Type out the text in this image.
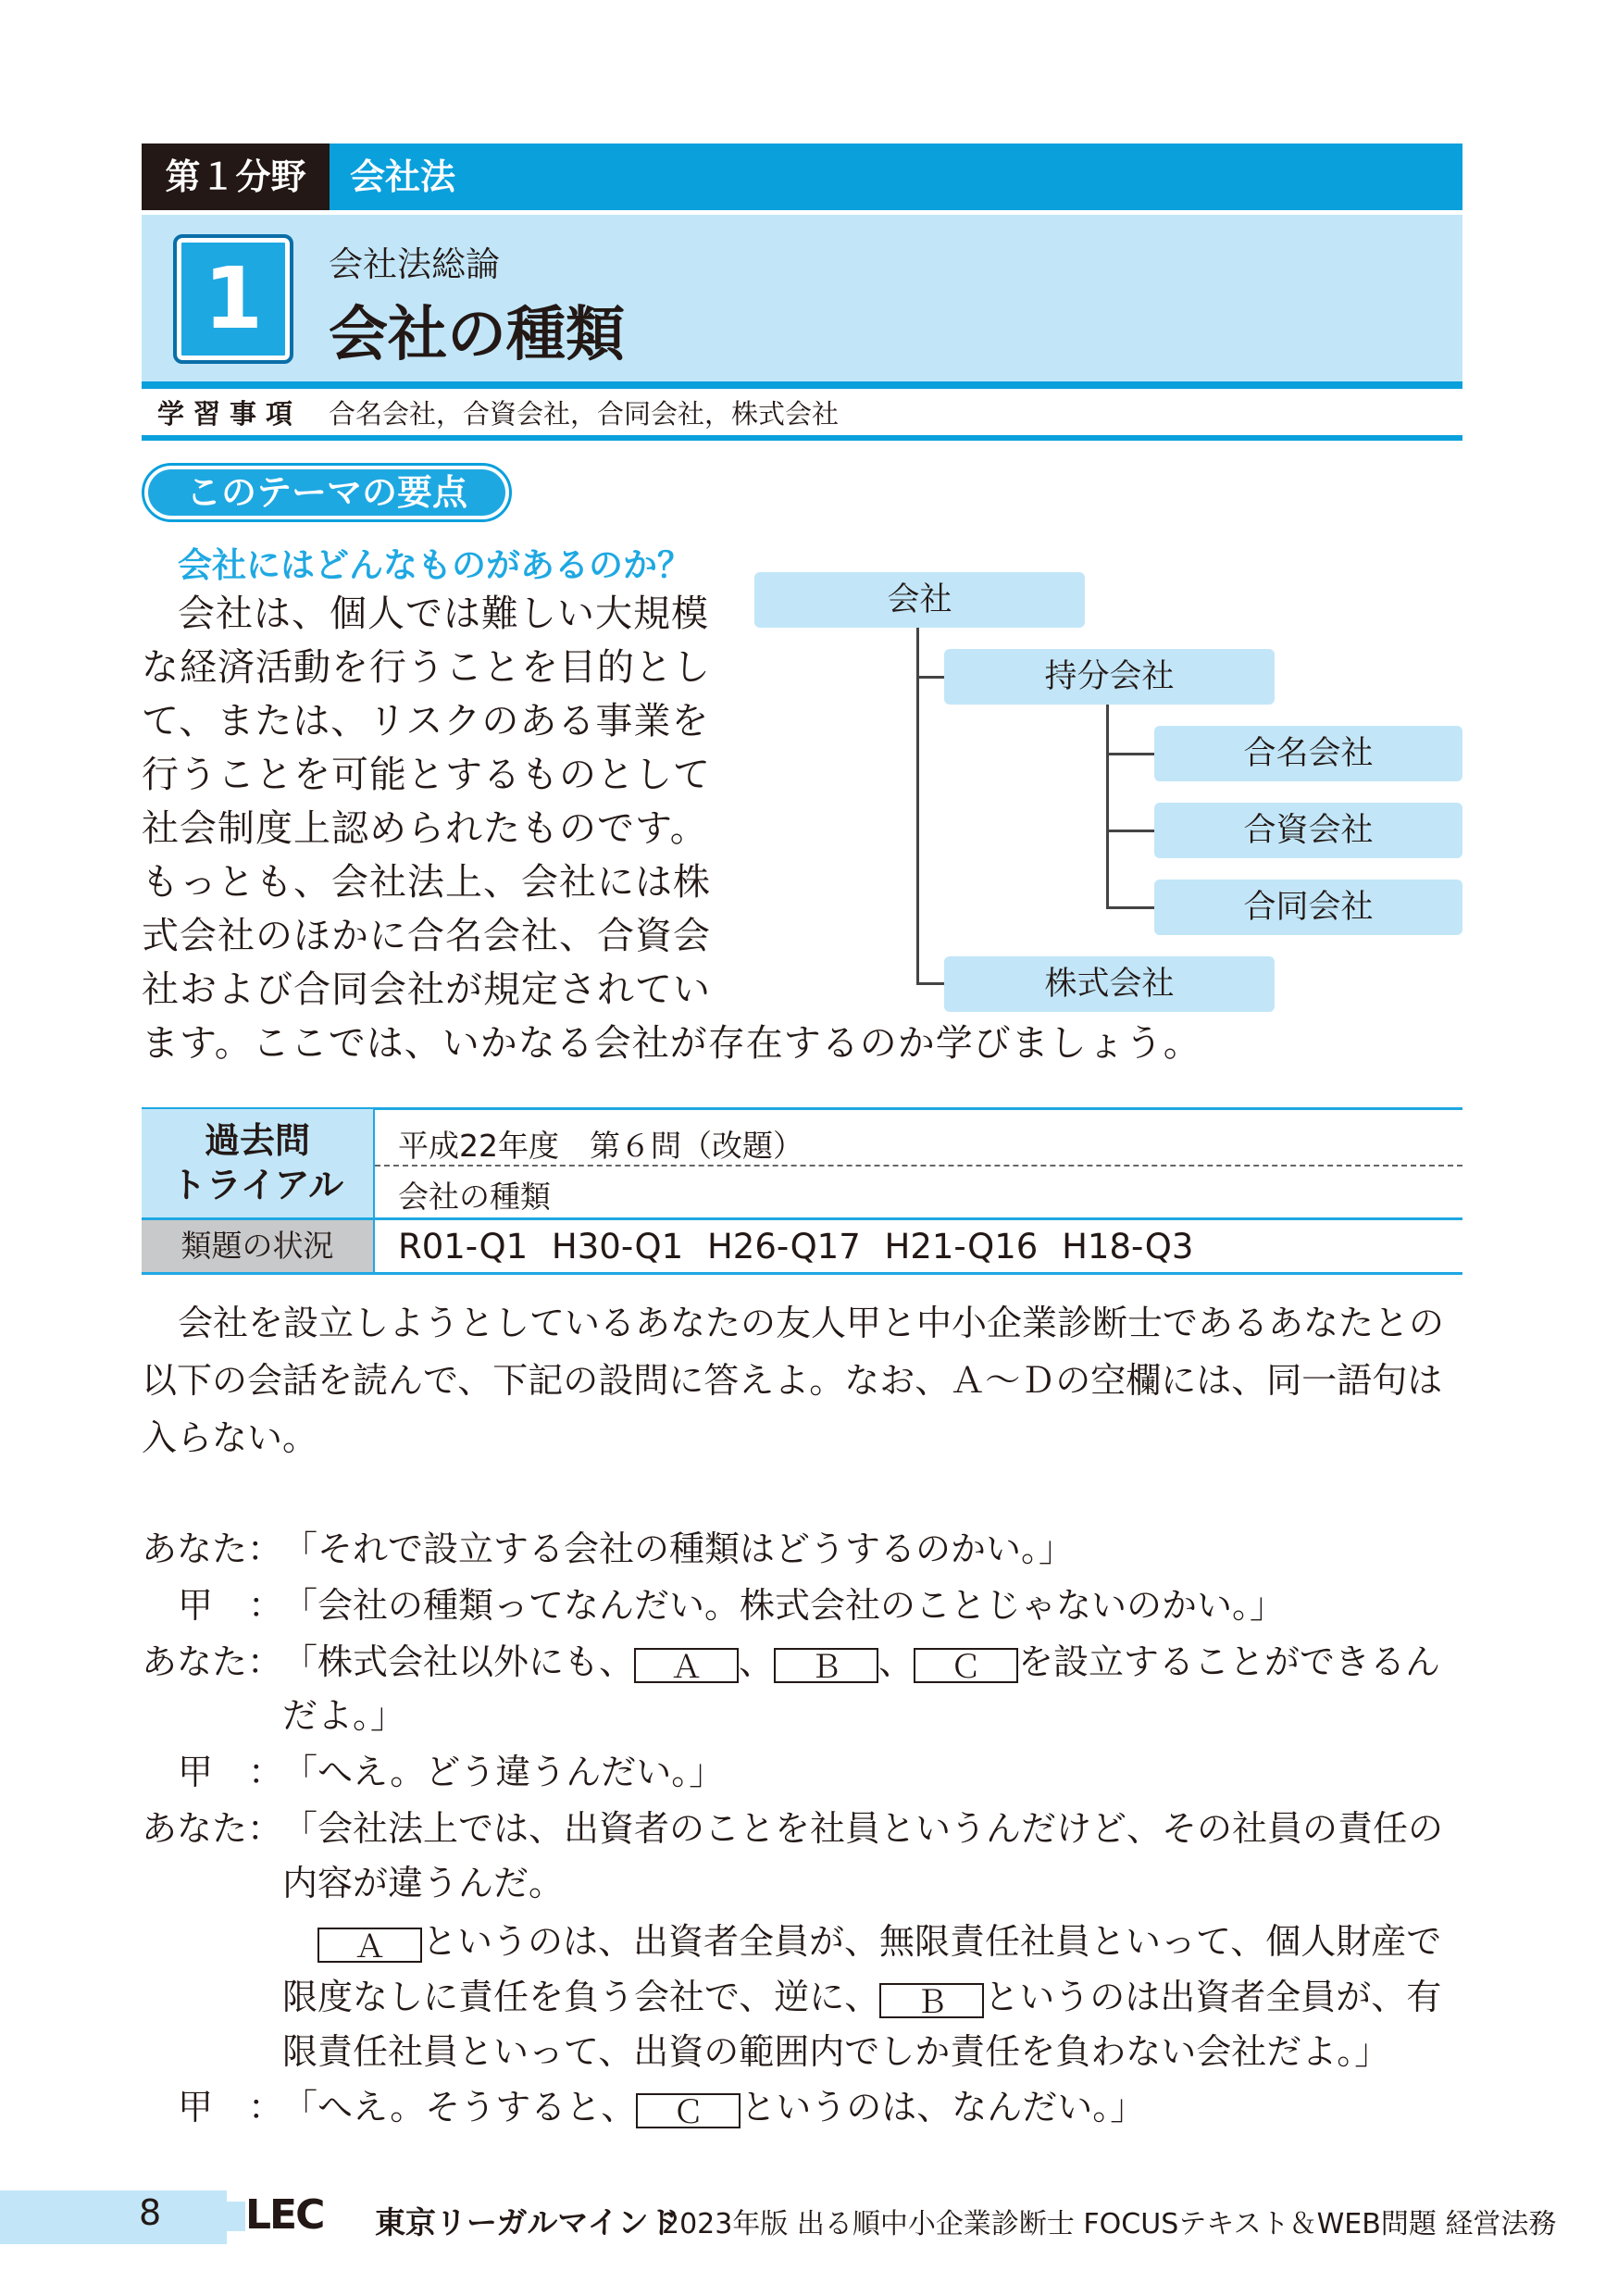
第１分野	会社法
1	会社法総論
会社の種類
学習事項 合名会社，合資会社，合同会社，株式会社
このテーマの要点
会社にはどんなものがあるのか？
会社は、個人では難しい大規模
な経済活動を行うことを目的とし
て、または、リスクのある事業を
行うことを可能とするものとして
社会制度上認められたものです。
もっとも、会社法上、会社には株
式会社のほかに合名会社、合資会
社および合同会社が規定されてい
ます。ここでは、いかなる会社が存在するのか学びましょう。
会社
持分会社
合名会社
合資会社
合同会社
株式会社
過去問
トライアル
平成22年度　第６問（改題）
会社の種類
類題の状況	R01-Q1 H30-Q1 H26-Q17 H21-Q16 H18-Q3
会社を設立しようとしているあなたの友人甲と中小企業診断士であるあなたとの
以下の会話を読んで、下記の設問に答えよ。なお、Ａ～Ｄの空欄には、同一語句は
入らない。
あなた： 「それで設立する会社の種類はどうするのかい。」
甲　：
「会社の種類ってなんだい。株式会社のことじゃないのかい。」
あなた： 「株式会社以外にも、 Ａ 、 Ｂ 、 Ｃ を設立することができるん
だよ。」
甲　：
「へえ。どう違うんだい。」
あなた： 「会社法上では、出資者のことを社員というんだけど、その社員の責任の
内容が違うんだ。
Ａ というのは、出資者全員が、無限責任社員といって、個人財産で
限度なしに責任を負う会社で、逆に、 Ｂ というのは出資者全員が、有
限責任社員といって、出資の範囲内でしか責任を負わない会社だよ。」
甲　：
「へえ。そうすると、 Ｃ というのは、なんだい。」
8 LEC 東京リーガルマインド
2023年版 出る順中小企業診断士 FOCUSテキスト＆WEB問題 経営法務
